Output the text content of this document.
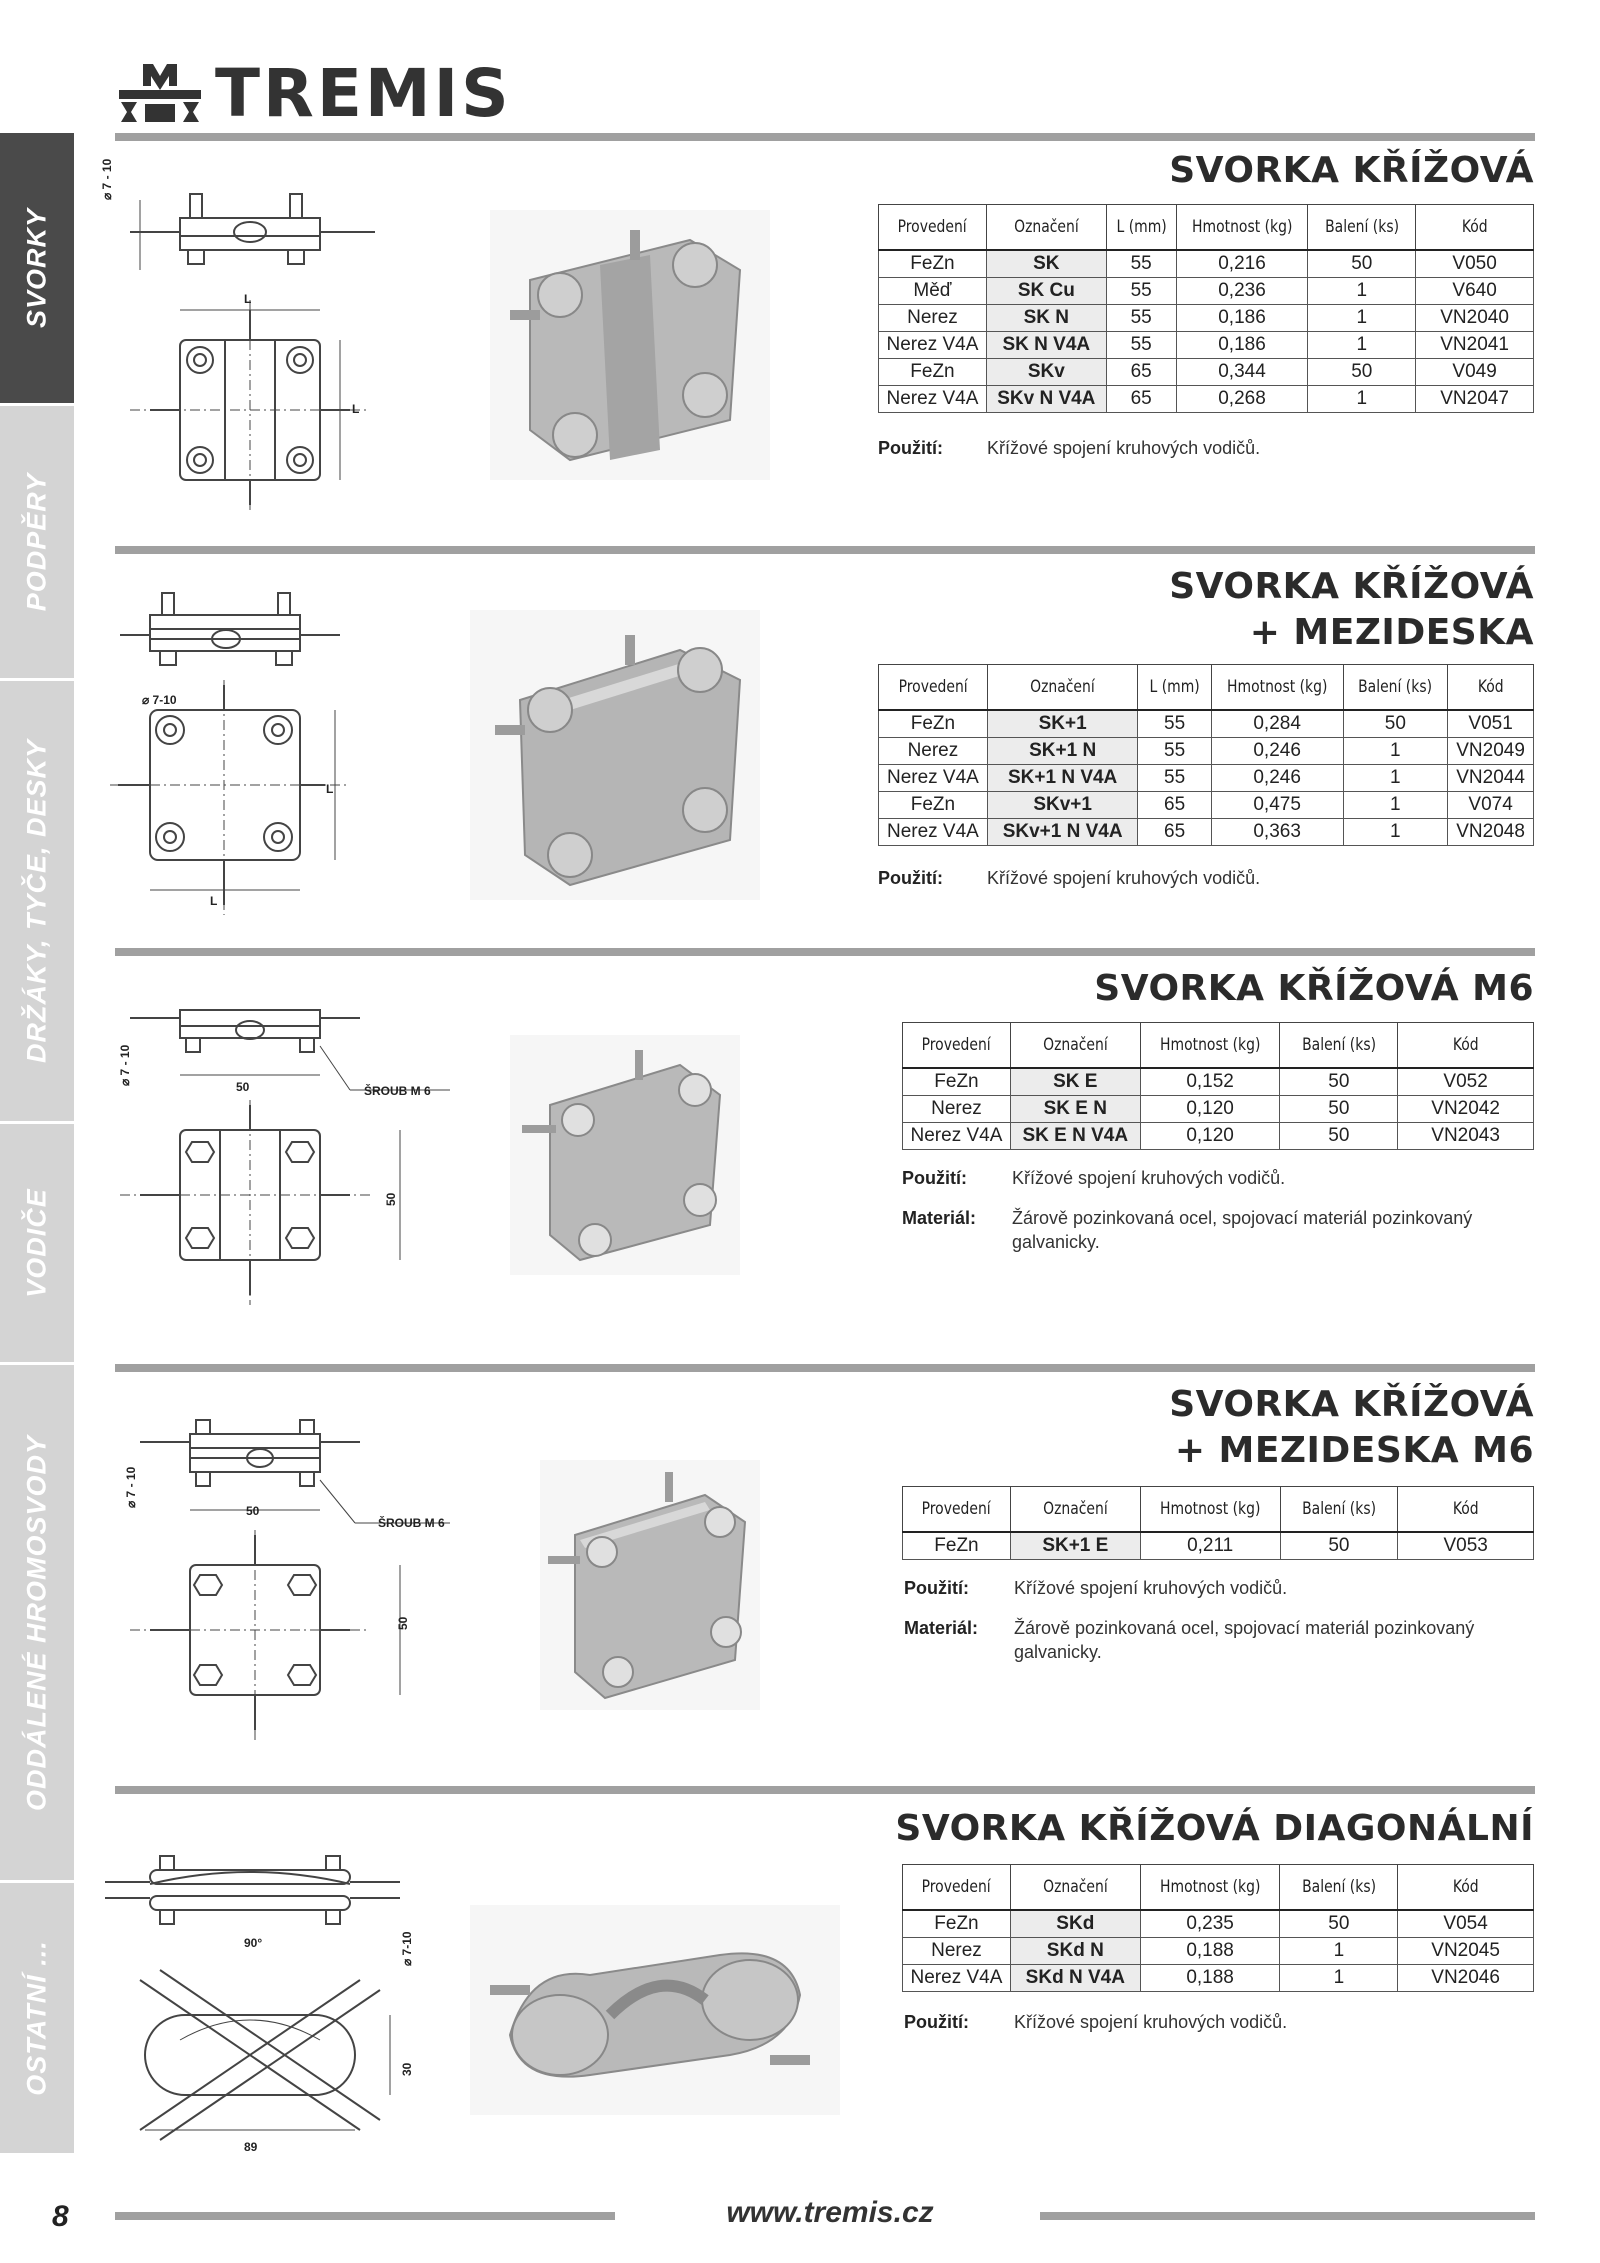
TREMIS
SVORKY
PODPĚRY
DRŽÁKY, TYČE, DESKY
VODIČE
ODDÁLENÉ HROMOSVODY
OSTATNÍ ...
SVORKA KŘÍŽOVÁ
Provedení	Označení	L (mm)	Hmotnost (kg)	Balení (ks)	Kód
FeZn	SK	55	0,216	50	V050
Měď	SK Cu	55	0,236	1	V640
Nerez	SK N	55	0,186	1	VN2040
Nerez V4A	SK N V4A	55	0,186	1	VN2041
FeZn	SKv	65	0,344	50	V049
Nerez V4A	SKv N V4A	65	0,268	1	VN2047
Použití: Křížové spojení kruhových vodičů.
⌀ 7 - 10
L
L
SVORKA KŘÍŽOVÁ
+ MEZIDESKA
Provedení	Označení	L (mm)	Hmotnost (kg)	Balení (ks)	Kód
FeZn	SK+1	55	0,284	50	V051
Nerez	SK+1 N	55	0,246	1	VN2049
Nerez V4A	SK+1 N V4A	55	0,246	1	VN2044
FeZn	SKv+1	65	0,475	1	V074
Nerez V4A	SKv+1 N V4A	65	0,363	1	VN2048
Použití: Křížové spojení kruhových vodičů.
⌀ 7-10
L
L
SVORKA KŘÍŽOVÁ M6
Provedení	Označení	Hmotnost (kg)	Balení (ks)	Kód
FeZn	SK E	0,152	50	V052
Nerez	SK E N	0,120	50	VN2042
Nerez V4A	SK E N V4A	0,120	50	VN2043
Použití:	Křížové spojení kruhových vodičů.
Materiál: Žárově pozinkovaná ocel, spojovací materiál pozinkovaný
galvanicky.
⌀ 7 - 10
50	ŠROUB M 6
50
SVORKA KŘÍŽOVÁ
+ MEZIDESKA M6
Provedení	Označení	Hmotnost (kg)	Balení (ks)	Kód
FeZn	SK+1 E	0,211	50	V053
Použití:	Křížové spojení kruhových vodičů.
Materiál: Žárově pozinkovaná ocel, spojovací materiál pozinkovaný
galvanicky.
⌀ 7 - 10
50
ŠROUB M 6
50
SVORKA KŘÍŽOVÁ DIAGONÁLNÍ
Provedení	Označení	Hmotnost (kg)	Balení (ks)	Kód
FeZn	SKd	0,235	50	V054
Nerez	SKd N	0,188	1	VN2045
Nerez V4A	SKd N V4A	0,188	1	VN2046
Použití:	Křížové spojení kruhových vodičů.
90°	⌀ 7-10
30
89
8	www.tremis.cz
